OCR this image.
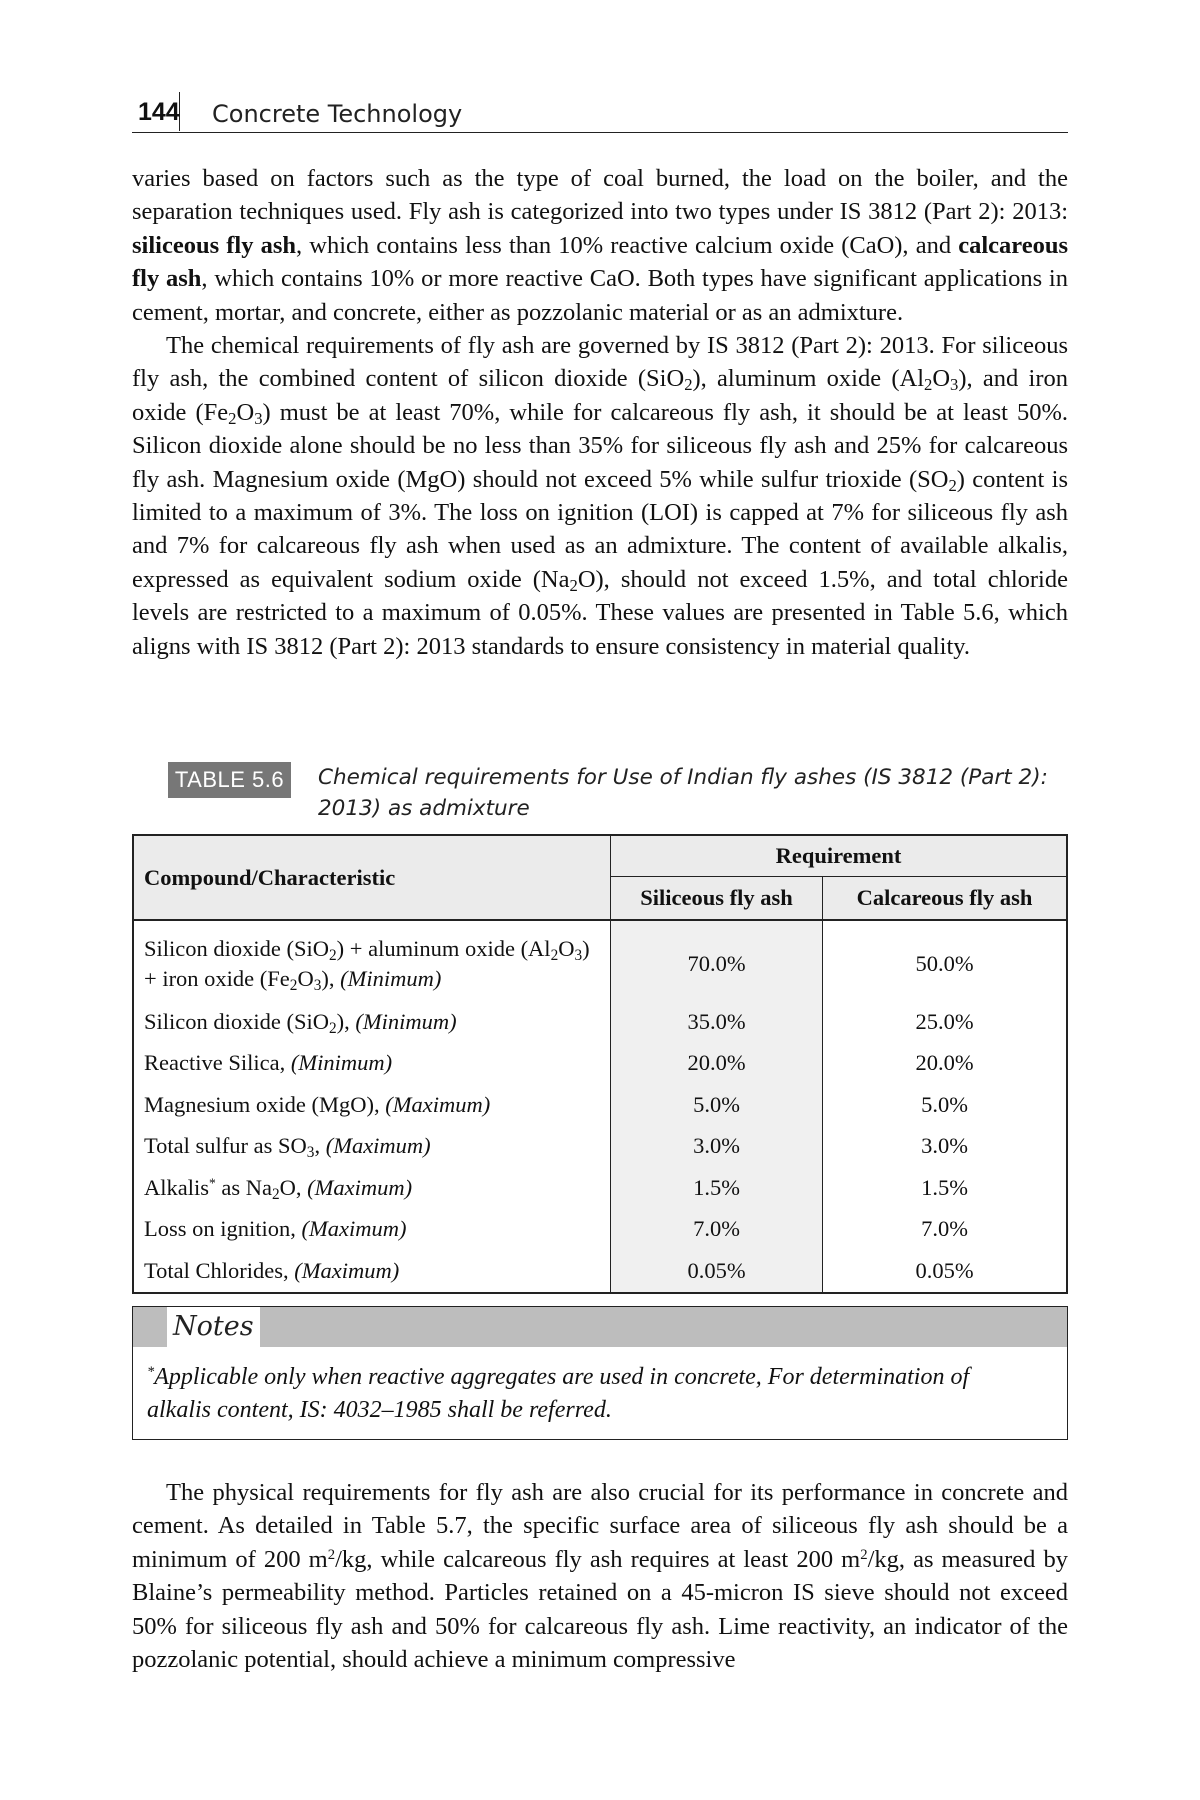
144 Concrete Technology

varies based on factors such as the type of coal burned, the load on the boiler, and the separation techniques used. Fly ash is categorized into two types under IS 3812 (Part 2): 2013: siliceous fly ash, which contains less than 10% reactive calcium oxide (CaO), and calcareous fly ash, which contains 10% or more reactive CaO. Both types have significant applications in cement, mortar, and concrete, either as pozzolanic material or as an admixture.

The chemical requirements of fly ash are governed by IS 3812 (Part 2): 2013. For siliceous fly ash, the combined content of silicon dioxide (SiO$_2$), aluminum oxide $(Al_2O_3)$, and iron oxide $(Fe_2O_3)$ must be at least 70%, while for calcareous fly ash, it should be at least 50%. Silicon dioxide alone should be no less than 35% for siliceous fly ash and 25% for calcareous fly ash. Magnesium oxide (MgO) should not exceed 5% while sulfur trioxide $(SO_2)$ content is limited to a maximum of 3%. The loss on ignition (LOI) is capped at 7% for siliceous fly ash and 7% for calcareous fly ash when used as an admixture. The content of available alkalis, expressed as equivalent sodium oxide $(Na_2O)$, should not exceed 1.5%, and total chloride levels are restricted to a maximum of 0.05%. These values are presented in Table 5.6, which aligns with IS 3812 (Part 2): 2013 standards to ensure consistency in material quality.

TABLE 5.6	Chemical requirements for Use of Indian fly ashes (IS 3812 (Part 2): 2013) as admixture
Compound/Characteristic	Requirement	
	Siliceous fly ash	Calcareous fly ash
Silicon dioxide (SiO$_2$) + aluminum oxide $(Al_2O_3)$ + iron oxide $(Fe_2O_3)$, (Minimum)	70.0%	50.0%
Silicon dioxide (SiO$_2$), (Minimum)	35.0%	25.0%
Reactive Silica, (Minimum)	20.0%	20.0%
Magnesium oxide (MgO), (Maximum)	5.0%	5.0%
Total sulfur as $SO_3$, (Maximum)	3.0%	3.0%
Alkalis* as $Na_2O$, (Maximum)	1.5%	1.5%
Loss on ignition, (Maximum)	7.0%	7.0%
Total Chlorides, (Maximum)	0.05%	0.05%
Notes
*Applicable only when reactive aggregates are used in concrete, For determination of alkalis content, IS: 4032–1985 shall be referred.

The physical requirements for fly ash are also crucial for its performance in concrete and cement. As detailed in Table 5.7, the specific surface area of siliceous fly ash should be a minimum of 200 $m^2/kg$, while calcareous fly ash requires at least 200 $m^2/kg$, as measured by Blaine’s permeability method. Particles retained on a 45-micron IS sieve should not exceed 50% for siliceous fly ash and 50% for calcareous fly ash. Lime reactivity, an indicator of the pozzolanic potential, should achieve a minimum compressive
